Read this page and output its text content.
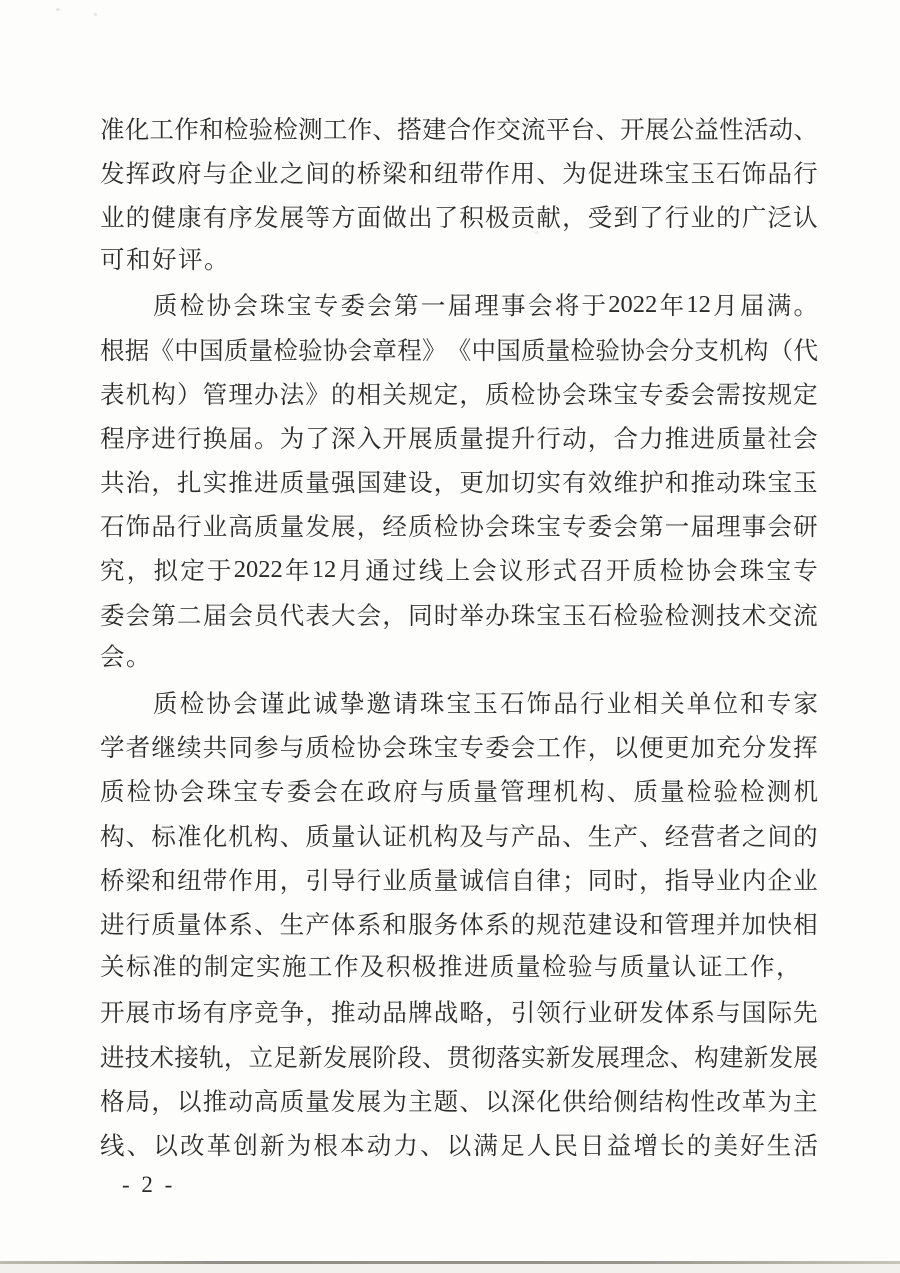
准 化 工 作 和 检 验 检 测 工 作 、 搭 建 合 作 交 流 平 台 、 开 展 公 益 性 活 动 、
发 挥 政 府 与 企 业 之 间 的 桥 梁 和 纽 带 作 用 、 为 促 进 珠 宝 玉 石 饰 品 行
业 的 健 康 有 序 发 展 等 方 面 做 出 了 积 极 贡 献 ， 受 到 了 行 业 的 广 泛 认
可和好评。
质 检 协 会 珠 宝 专 委 会 第 一 届 理 事 会 将 于 2022 年 12 月 届 满 。
根 据 《 中 国 质 量 检 验 协 会 章 程 》 《 中 国 质 量 检 验 协 会 分 支 机 构 （ 代
表 机 构 ） 管 理 办 法 》 的 相 关 规 定 ， 质 检 协 会 珠 宝 专 委 会 需 按 规 定
程 序 进 行 换 届 。 为 了 深 入 开 展 质 量 提 升 行 动 ， 合 力 推 进 质 量 社 会
共 治 ， 扎 实 推 进 质 量 强 国 建 设 ， 更 加 切 实 有 效 维 护 和 推 动 珠 宝 玉
石 饰 品 行 业 高 质 量 发 展 ， 经 质 检 协 会 珠 宝 专 委 会 第 一 届 理 事 会 研
究 ， 拟 定 于 2022 年 12 月 通 过 线 上 会 议 形 式 召 开 质 检 协 会 珠 宝 专
委 会 第 二 届 会 员 代 表 大 会 ， 同 时 举 办 珠 宝 玉 石 检 验 检 测 技 术 交 流
会。
质 检 协 会 谨 此 诚 挚 邀 请 珠 宝 玉 石 饰 品 行 业 相 关 单 位 和 专 家
学 者 继 续 共 同 参 与 质 检 协 会 珠 宝 专 委 会 工 作 ， 以 便 更 加 充 分 发 挥
质 检 协 会 珠 宝 专 委 会 在 政 府 与 质 量 管 理 机 构 、 质 量 检 验 检 测 机
构 、 标 准 化 机 构 、 质 量 认 证 机 构 及 与 产 品 、 生 产 、 经 营 者 之 间 的
桥 梁 和 纽 带 作 用 ， 引 导 行 业 质 量 诚 信 自 律 ； 同 时 ， 指 导 业 内 企 业
进 行 质 量 体 系 、 生 产 体 系 和 服 务 体 系 的 规 范 建 设 和 管 理 并 加 快 相
关标准的制定实施工作及积极推进质量检验与质量认证工作，
开 展 市 场 有 序 竞 争 ， 推 动 品 牌 战 略 ， 引 领 行 业 研 发 体 系 与 国 际 先
进 技 术 接 轨 ， 立 足 新 发 展 阶 段 、 贯 彻 落 实 新 发 展 理 念 、 构 建 新 发 展
格 局 ， 以 推 动 高 质 量 发 展 为 主 题 、 以 深 化 供 给 侧 结 构 性 改 革 为 主
线 、 以 改 革 创 新 为 根 本 动 力 、 以 满 足 人 民 日 益 增 长 的 美 好 生 活
- 2 -
